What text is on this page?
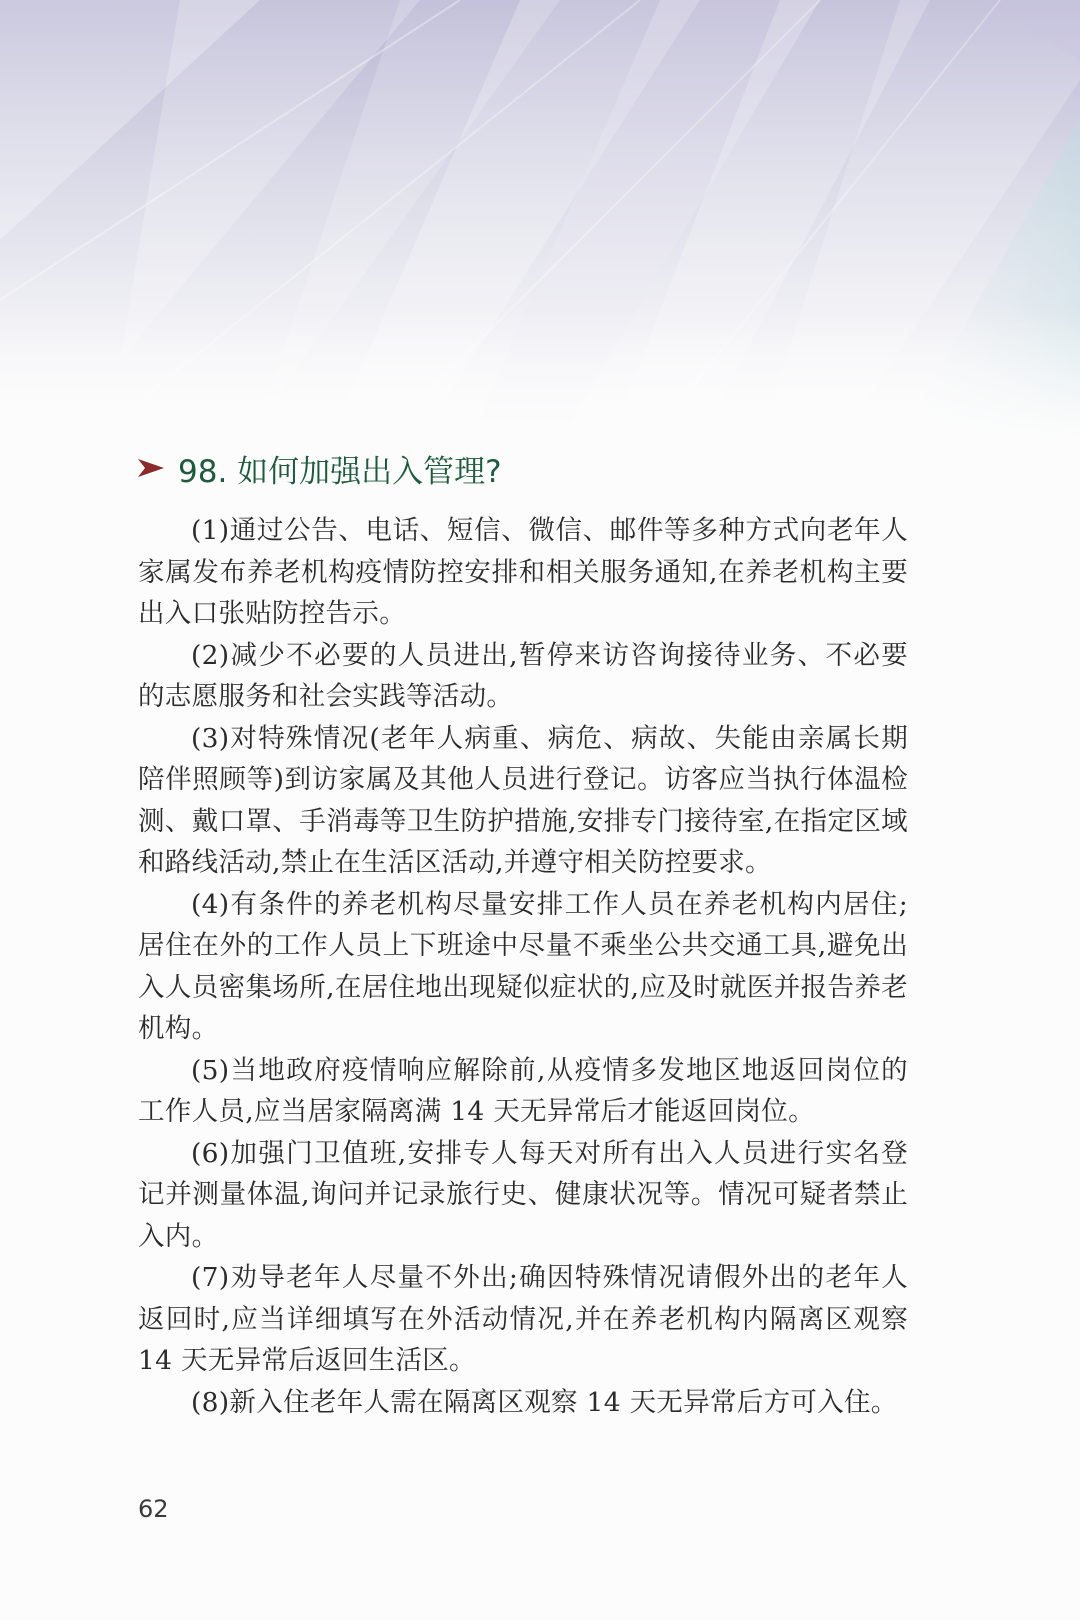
98. 如何加强出入管理?

(1)通过公告、电话、短信、微信、邮件等多种方式向老年人家属发布养老机构疫情防控安排和相关服务通知,在养老机构主要出入口张贴防控告示。

(2)减少不必要的人员进出,暂停来访咨询接待业务、不必要的志愿服务和社会实践等活动。

(3)对特殊情况(老年人病重、病危、病故、失能由亲属长期陪伴照顾等)到访家属及其他人员进行登记。访客应当执行体温检测、戴口罩、手消毒等卫生防护措施,安排专门接待室,在指定区域和路线活动,禁止在生活区活动,并遵守相关防控要求。

(4)有条件的养老机构尽量安排工作人员在养老机构内居住;居住在外的工作人员上下班途中尽量不乘坐公共交通工具,避免出入人员密集场所,在居住地出现疑似症状的,应及时就医并报告养老机构。

(5)当地政府疫情响应解除前,从疫情多发地区地返回岗位的工作人员,应当居家隔离满 14 天无异常后才能返回岗位。

(6)加强门卫值班,安排专人每天对所有出入人员进行实名登记并测量体温,询问并记录旅行史、健康状况等。情况可疑者禁止入内。

(7)劝导老年人尽量不外出;确因特殊情况请假外出的老年人返回时,应当详细填写在外活动情况,并在养老机构内隔离区观察 14 天无异常后返回生活区。

(8)新入住老年人需在隔离区观察 14 天无异常后方可入住。

62
